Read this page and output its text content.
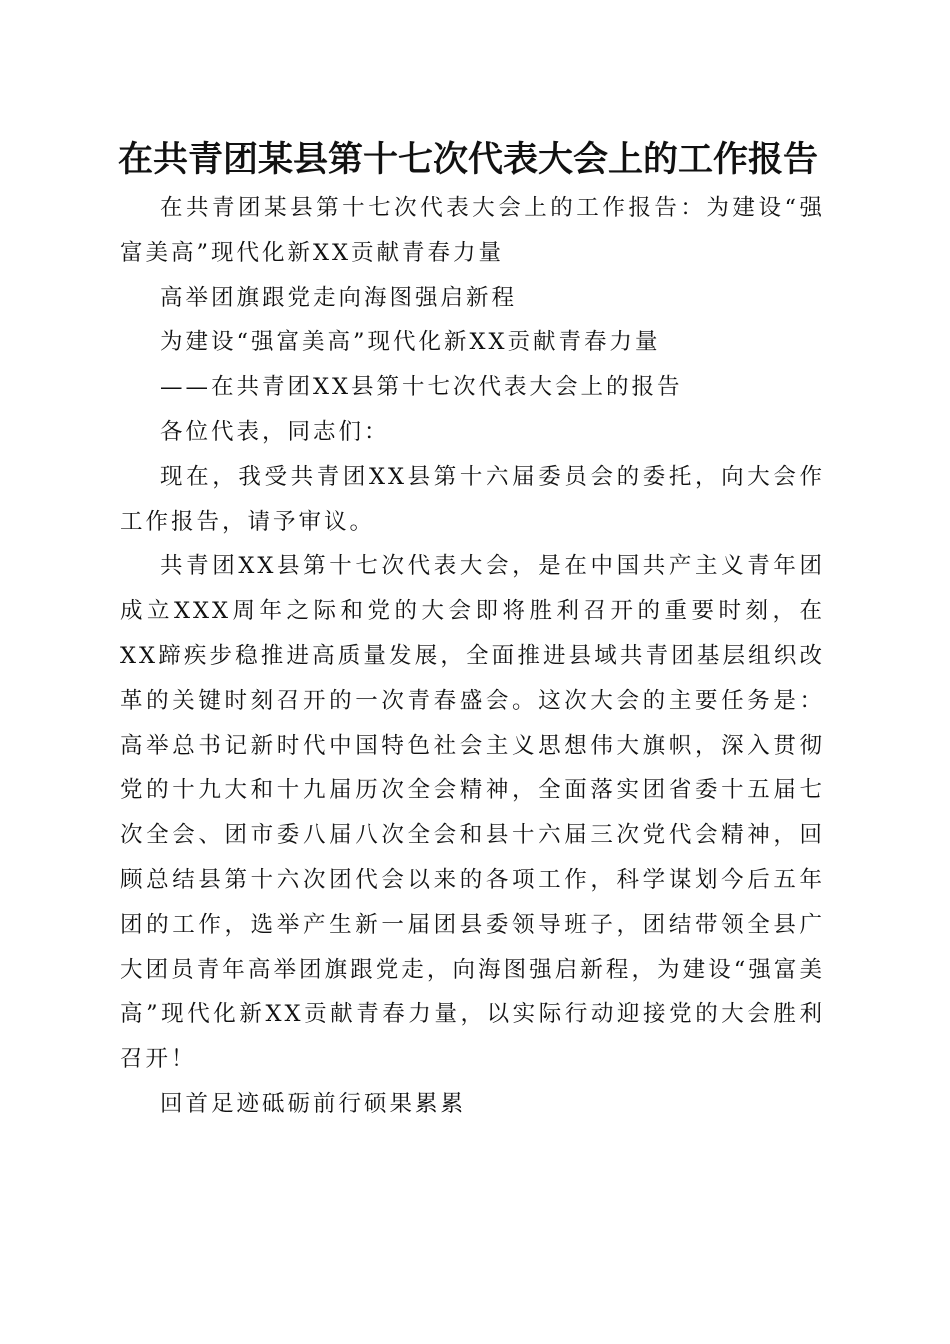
在共青团某县第十七次代表大会上的工作报告

在共青团某县第十七次代表大会上的工作报告：为建设“强富美高”现代化新XX贡献青春力量

高举团旗跟党走向海图强启新程

为建设“强富美高”现代化新XX贡献青春力量

——在共青团XX县第十七次代表大会上的报告

各位代表，同志们：

现在，我受共青团XX县第十六届委员会的委托，向大会作工作报告，请予审议。

共青团XX县第十七次代表大会，是在中国共产主义青年团成立XXX周年之际和党的大会即将胜利召开的重要时刻，在XX蹄疾步稳推进高质量发展，全面推进县域共青团基层组织改革的关键时刻召开的一次青春盛会。这次大会的主要任务是：高举总书记新时代中国特色社会主义思想伟大旗帜，深入贯彻党的十九大和十九届历次全会精神，全面落实团省委十五届七次全会、团市委八届八次全会和县十六届三次党代会精神，回顾总结县第十六次团代会以来的各项工作，科学谋划今后五年团的工作，选举产生新一届团县委领导班子，团结带领全县广大团员青年高举团旗跟党走，向海图强启新程，为建设“强富美高”现代化新XX贡献青春力量，以实际行动迎接党的大会胜利召开！

回首足迹砥砺前行硕果累累
